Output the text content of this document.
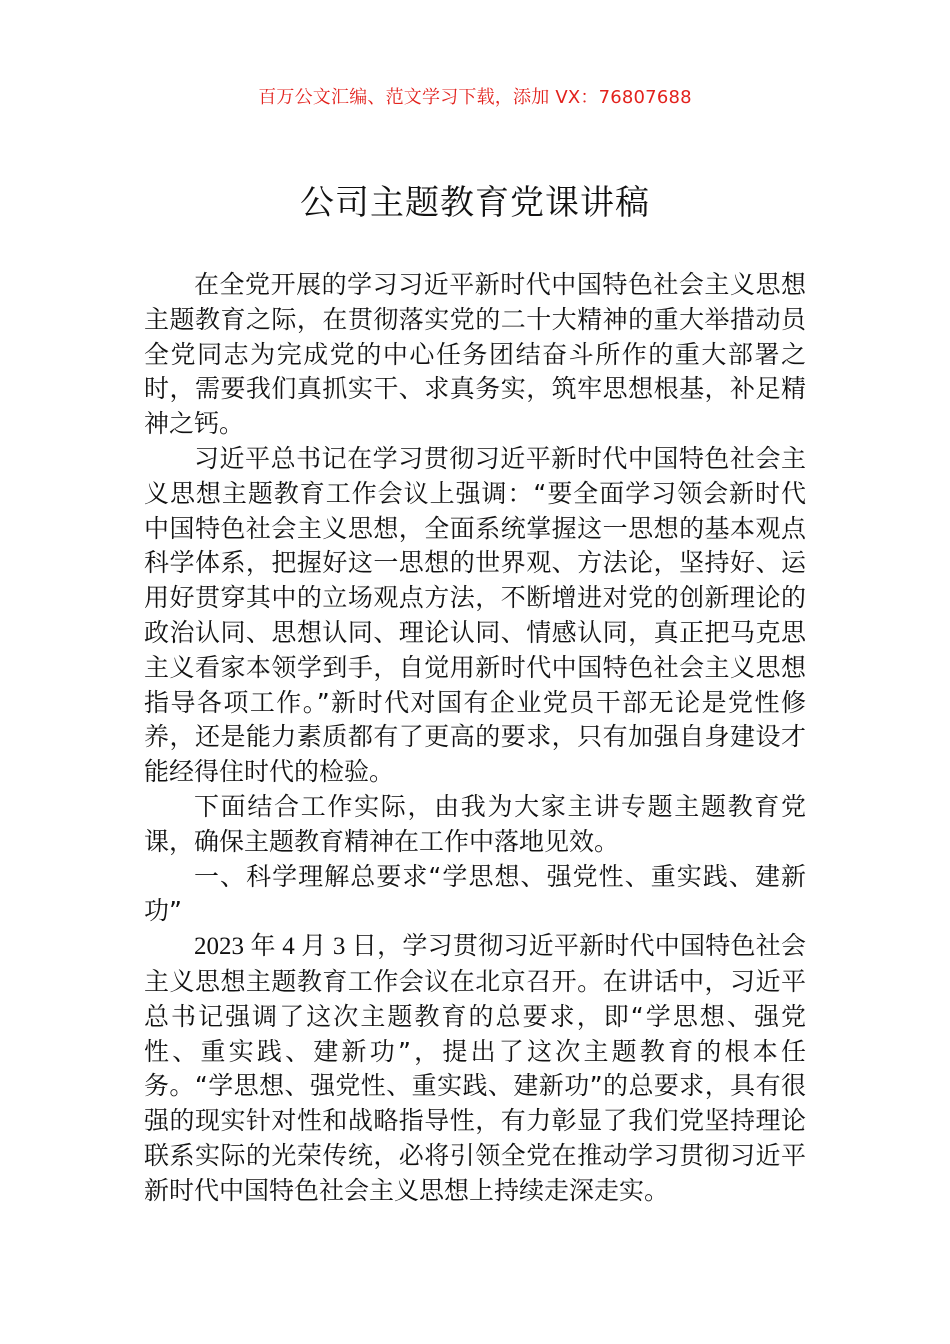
百万公文汇编、范文学习下载，添加 VX：76807688
公司主题教育党课讲稿

在全党开展的学习习近平新时代中国特色社会主义思想主题教育之际，在贯彻落实党的二十大精神的重大举措动员全党同志为完成党的中心任务团结奋斗所作的重大部署之时，需要我们真抓实干、求真务实，筑牢思想根基，补足精神之钙。

习近平总书记在学习贯彻习近平新时代中国特色社会主义思想主题教育工作会议上强调：“要全面学习领会新时代中国特色社会主义思想，全面系统掌握这一思想的基本观点科学体系，把握好这一思想的世界观、方法论，坚持好、运用好贯穿其中的立场观点方法，不断增进对党的创新理论的政治认同、思想认同、理论认同、情感认同，真正把马克思主义看家本领学到手，自觉用新时代中国特色社会主义思想指导各项工作。”新时代对国有企业党员干部无论是党性修养，还是能力素质都有了更高的要求，只有加强自身建设才能经得住时代的检验。

下面结合工作实际，由我为大家主讲专题主题教育党课，确保主题教育精神在工作中落地见效。

一、科学理解总要求“学思想、强党性、重实践、建新功”

2023 年 4 月 3 日，学习贯彻习近平新时代中国特色社会主义思想主题教育工作会议在北京召开。在讲话中，习近平总书记强调了这次主题教育的总要求，即“学思想、强党性、重实践、建新功”，提出了这次主题教育的根本任务。“学思想、强党性、重实践、建新功”的总要求，具有很强的现实针对性和战略指导性，有力彰显了我们党坚持理论联系实际的光荣传统，必将引领全党在推动学习贯彻习近平新时代中国特色社会主义思想上持续走深走实。
